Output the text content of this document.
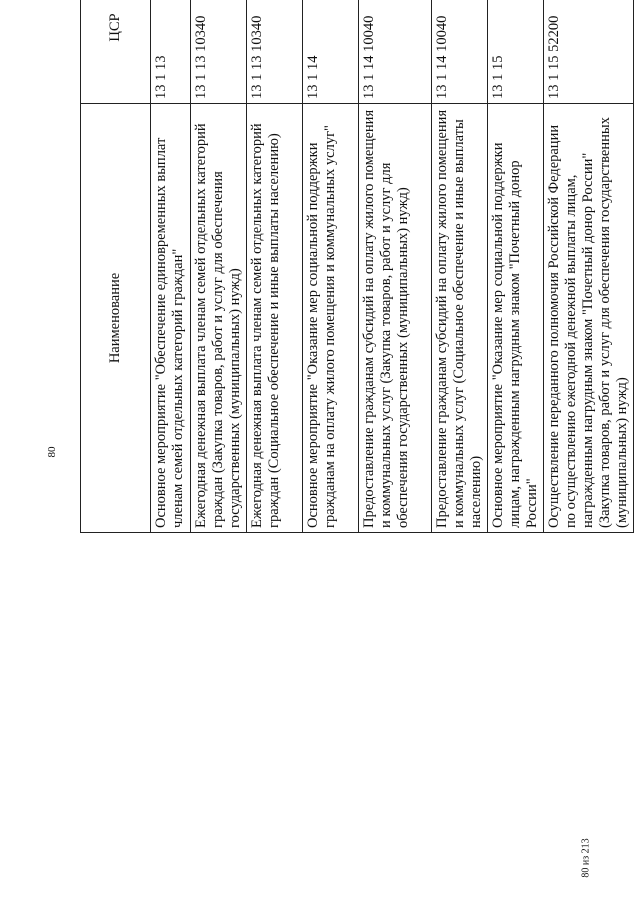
80
Наименование	ЦСР				
Основное мероприятие "Обеспечение единовременных выплат членам семей отдельных категорий граждан"	13 1 13				
Ежегодная денежная выплата членам семей отдельных категорий граждан (Закупка товаров, работ и услуг для обеспечения государственных (муниципальных) нужд)	13 1 13 10340				
Ежегодная денежная выплата членам семей отдельных категорий граждан (Социальное обеспечение и иные выплаты населению)	13 1 13 10340				
Основное мероприятие "Оказание мер социальной поддержки гражданам на оплату жилого помещения и коммунальных услуг"	13 1 14				
Предоставление гражданам субсидий на оплату жилого помещения и коммунальных услуг (Закупка товаров, работ и услуг для обеспечения государственных (муниципальных) нужд)	13 1 14 10040				
Предоставление гражданам субсидий на оплату жилого помещения и коммунальных услуг (Социальное обеспечение и иные выплаты населению)	13 1 14 10040				
Основное мероприятие "Оказание мер социальной поддержки лицам, награжденным нагрудным знаком "Почетный донор России"	13 1 15				
Осуществление переданного полномочия Российской Федерации по осуществлению ежегодной денежной выплаты лицам, награжденным нагрудным знаком "Почетный донор России" (Закупка товаров, работ и услуг для обеспечения государственных (муниципальных) нужд)	13 1 15 52200				
80 из 213
